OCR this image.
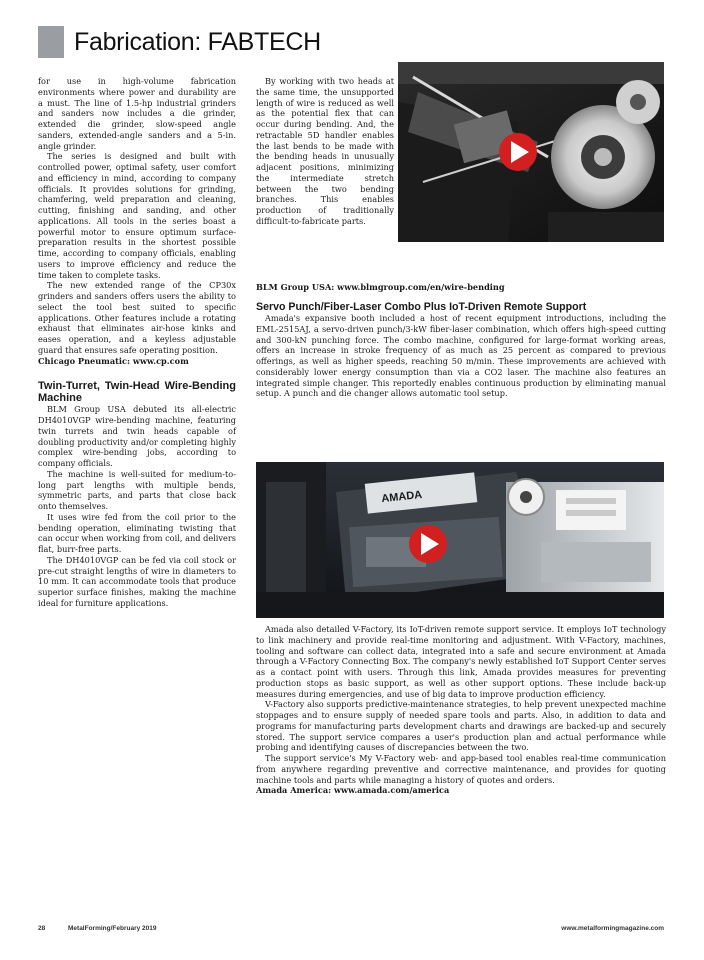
Fabrication: FABTECH

for use in high-volume fabrication environments where power and durability are a must. The line of 1.5-hp industrial grinders and sanders now includes a die grinder, extended die grinder, slow-speed angle sanders, extended-angle sanders and a 5-in. angle grinder.

The series is designed and built with controlled power, optimal safety, user comfort and efficiency in mind, according to company officials. It provides solutions for grinding, chamfering, weld preparation and cleaning, cutting, finishing and sanding, and other applications. All tools in the series boast a powerful motor to ensure optimum surface-preparation results in the shortest possible time, according to company officials, enabling users to improve efficiency and reduce the time taken to complete tasks.

The new extended range of the CP30x grinders and sanders offers users the ability to select the tool best suited to specific applications. Other features include a rotating exhaust that eliminates air-hose kinks and eases operation, and a keyless adjustable guard that ensures safe operating position.

Chicago Pneumatic: www.cp.com

Twin-Turret, Twin-Head Wire-Bending Machine

BLM Group USA debuted its all-electric DH4010VGP wire-bending machine, featuring twin turrets and twin heads capable of doubling productivity and/or completing highly complex wire-bending jobs, according to company officials.

The machine is well-suited for medium-to-long part lengths with multiple bends, symmetric parts, and parts that close back onto themselves.

It uses wire fed from the coil prior to the bending operation, eliminating twisting that can occur when working from coil, and delivers flat, burr-free parts.

The DH4010VGP can be fed via coil stock or pre-cut straight lengths of wire in diameters to 10 mm. It can accommodate tools that produce superior surface finishes, making the machine ideal for furniture applications.

By working with two heads at the same time, the unsupported length of wire is reduced as well as the potential flex that can occur during bending. And, the retractable 5D handler enables the last bends to be made with the bending heads in unusually adjacent positions, minimizing the intermediate stretch between the two bending branches. This enables production of traditionally difficult-to-fabricate parts.

BLM Group USA: www.blmgroup.com/en/wire-bending

Servo Punch/Fiber-Laser Combo Plus IoT-Driven Remote Support

Amada's expansive booth included a host of recent equipment introductions, including the EML-2515AJ, a servo-driven punch/3-kW fiber-laser combination, which offers high-speed cutting and 300-kN punching force. The combo machine, configured for large-format working areas, offers an increase in stroke frequency of as much as 25 percent as compared to previous offerings, as well as higher speeds, reaching 50 m/min. These improvements are achieved with considerably lower energy consumption than via a CO2 laser. The machine also features an integrated simple changer. This reportedly enables continuous production by eliminating manual setup. A punch and die changer allows automatic tool setup.

AMADA

Amada also detailed V-Factory, its IoT-driven remote support service. It employs IoT technology to link machinery and provide real-time monitoring and adjustment. With V-Factory, machines, tooling and software can collect data, integrated into a safe and secure environment at Amada through a V-Factory Connecting Box. The company's newly established IoT Support Center serves as a contact point with users. Through this link, Amada provides measures for preventing production stops as basic support, as well as other support options. These include back-up measures during emergencies, and use of big data to improve production efficiency.

V-Factory also supports predictive-maintenance strategies, to help prevent unexpected machine stoppages and to ensure supply of needed spare tools and parts. Also, in addition to data and programs for manufacturing parts development charts and drawings are backed-up and securely stored. The support service compares a user's production plan and actual performance while probing and identifying causes of discrepancies between the two.

The support service's My V-Factory web- and app-based tool enables real-time communication from anywhere regarding preventive and corrective maintenance, and provides for quoting machine tools and parts while managing a history of quotes and orders.

Amada America: www.amada.com/america

28	MetalForming/February 2019	www.metalformingmagazine.com
